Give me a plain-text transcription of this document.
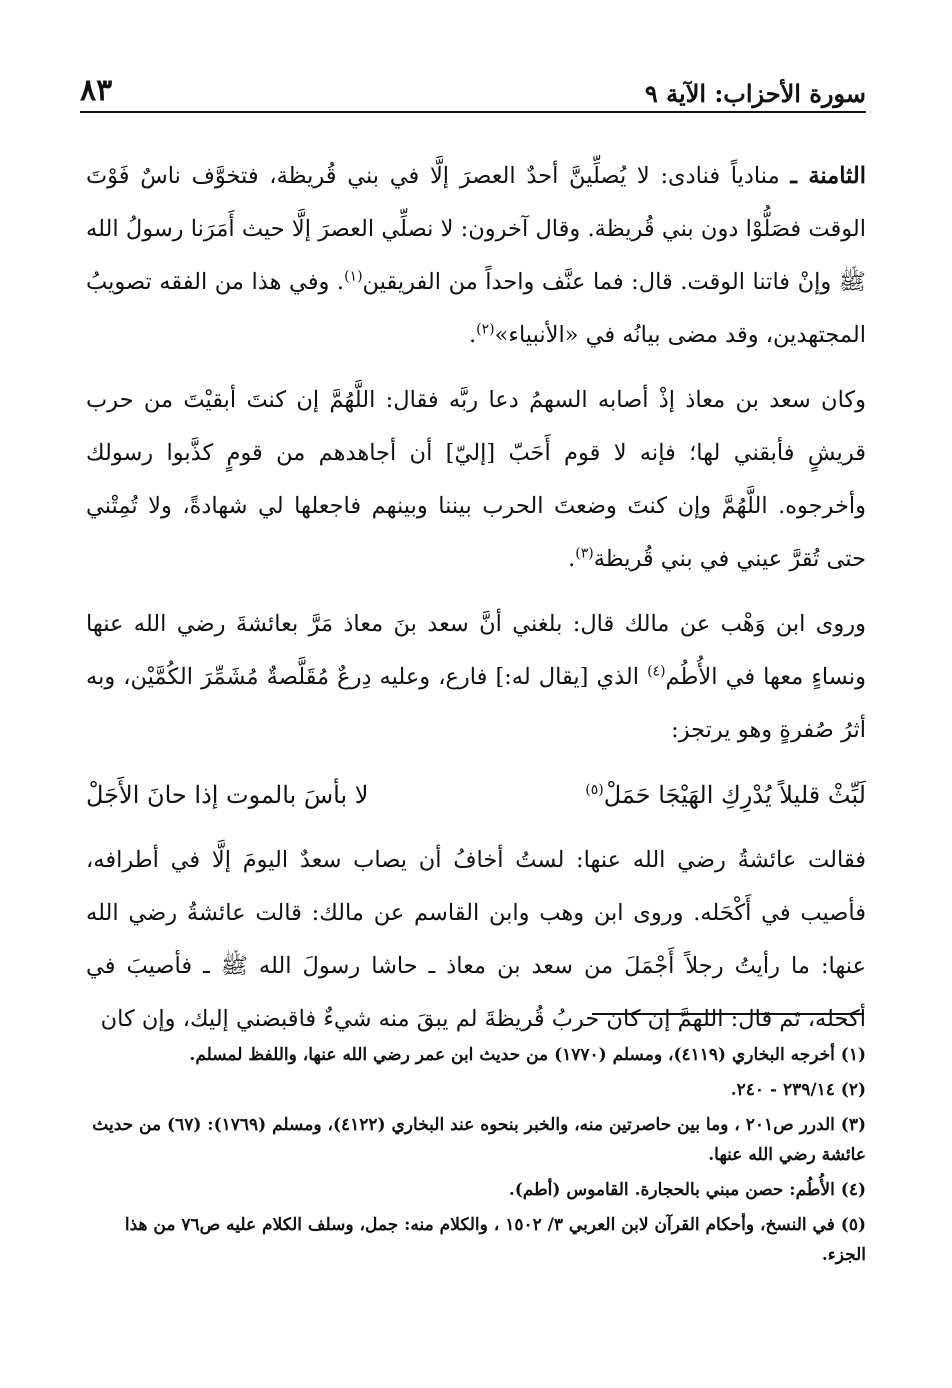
سورة الأحزاب: الآية ٩
٨٣

الثامنة ـ منادياً فنادى: لا يُصلِّينَّ أحدٌ العصرَ إلَّا في بني قُريظة، فتخوَّف ناسٌ فَوْتَ الوقت فصَلُّوْا دون بني قُريظة. وقال آخرون: لا نصلِّي العصرَ إلَّا حيث أَمَرَنا رسولُ الله ﷺ وإنْ فاتنا الوقت. قال: فما عنَّف واحداً من الفريقين$^{(١)}$. وفي هذا من الفقه تصويبُ المجتهدين، وقد مضى بيانُه في «الأنبياء»$^{(٢)}$.

وكان سعد بن معاذ إذْ أصابه السهمُ دعا ربَّه فقال: اللَّهُمَّ إن كنتَ أبقيْتَ من حرب قريشٍ فأبقني لها؛ فإنه لا قوم أَحَبّ [إليّ] أن أجاهدهم من قومٍ كذَّبوا رسولك وأخرجوه. اللَّهُمَّ وإن كنتَ وضعتَ الحرب بيننا وبينهم فاجعلها لي شهادةً، ولا تُمِتْني حتى تُقرَّ عيني في بني قُريظة$^{(٣)}$.

وروى ابن وَهْب عن مالك قال: بلغني أنَّ سعد بنَ معاذ مَرَّ بعائشةَ رضي الله عنها ونساءٍ معها في الأُطُم$^{(٤)}$ الذي [يقال له:] فارع، وعليه دِرعٌ مُقَلَّصةٌ مُشَمِّرَ الكُمَّيْن، وبه أثرُ صُفرةٍ وهو يرتجز:

لَبِّثْ قليلاً يُدْرِكِ الهَيْجَا حَمَلْ$^{(٥)}$
لا بأسَ بالموت إذا حانَ الأَجَلْ

فقالت عائشةُ رضي الله عنها: لستُ أخافُ أن يصاب سعدٌ اليومَ إلَّا في أطرافه، فأصيب في أَكْحَله. وروى ابن وهب وابن القاسم عن مالك: قالت عائشةُ رضي الله عنها: ما رأيتُ رجلاً أَجْمَلَ من سعد بن معاذ ـ حاشا رسولَ الله ﷺ ـ فأصيبَ في أكحله، ثم قال: اللهمَّ إن كان حربُ قُريظةَ لم يبقَ منه شيءٌ فاقبضني إليك، وإن كان

(١) أخرجه البخاري (٤١١٩)، ومسلم (١٧٧٠) من حديث ابن عمر رضي الله عنها، واللفظ لمسلم.

(٢) ٢٣٩/١٤ - ٢٤٠.

(٣) الدرر ص٢٠١ ، وما بين حاصرتين منه، والخبر بنحوه عند البخاري (٤١٢٢)، ومسلم (١٧٦٩): (٦٧) من حديث عائشة رضي الله عنها.

(٤) الأُطُم: حصن مبني بالحجارة. القاموس (أطم).

(٥) في النسخ، وأحكام القرآن لابن العربي ٣/ ١٥٠٢ ، والكلام منه: جمل، وسلف الكلام عليه ص٧٦ من هذا الجزء.
